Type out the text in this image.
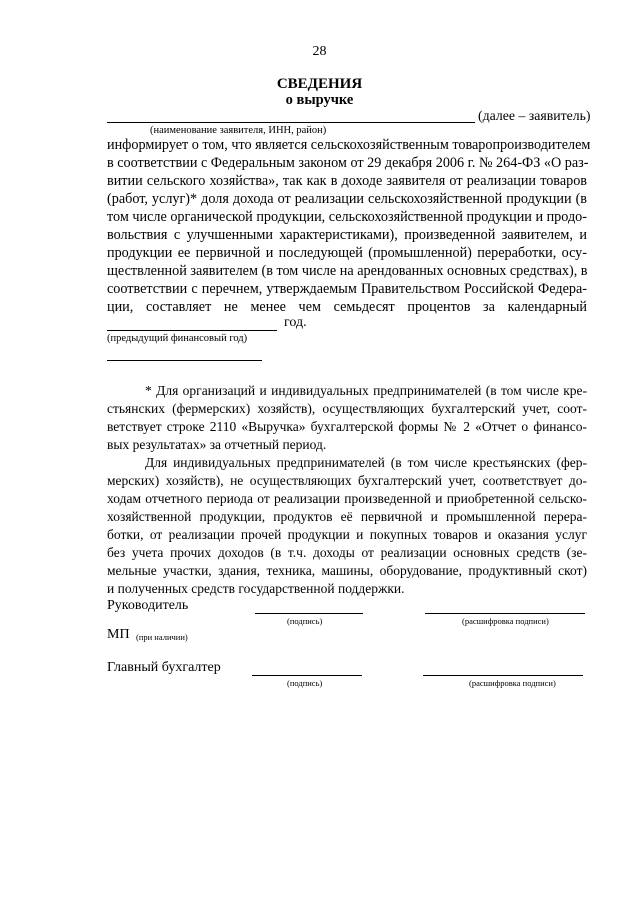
28
СВЕДЕНИЯ
о выручке
(далее – заявитель)
(наименование заявителя, ИНН, район)
информирует о том, что является сельскохозяйственным товаропроизводителем
в соответствии с Федеральным законом от 29 декабря 2006 г. № 264-ФЗ «О раз-
витии сельского хозяйства», так как в доходе заявителя от реализации товаров
(работ, услуг)* доля дохода от реализации сельскохозяйственной продукции (в
том числе органической продукции, сельскохозяйственной продукции и продо-
вольствия с улучшенными характеристиками), произведенной заявителем, и
продукции ее первичной и последующей (промышленной) переработки, осу-
ществленной заявителем (в том числе на арендованных основных средствах), в
соответствии с перечнем, утверждаемым Правительством Российской Федера-
ции, составляет не менее чем семьдесят процентов за календарный
год.
(предыдущий финансовый год)
* Для организаций и индивидуальных предпринимателей (в том числе кре-
стьянских (фермерских) хозяйств), осуществляющих бухгалтерский учет, соот-
ветствует строке 2110 «Выручка» бухгалтерской формы № 2 «Отчет о финансо-
вых результатах» за отчетный период.
Для индивидуальных предпринимателей (в том числе крестьянских (фер-
мерских) хозяйств), не осуществляющих бухгалтерский учет, соответствует до-
ходам отчетного периода от реализации произведенной и приобретенной сельско-
хозяйственной продукции, продуктов её первичной и промышленной перера-
ботки, от реализации прочей продукции и покупных товаров и оказания услуг
без учета прочих доходов (в т.ч. доходы от реализации основных средств (зе-
мельные участки, здания, техника, машины, оборудование, продуктивный скот)
и полученных средств государственной поддержки.
Руководитель
(подпись)	(расшифровка подписи)
МП (при наличии)
Главный бухгалтер
(подпись)	(расшифровка подписи)
